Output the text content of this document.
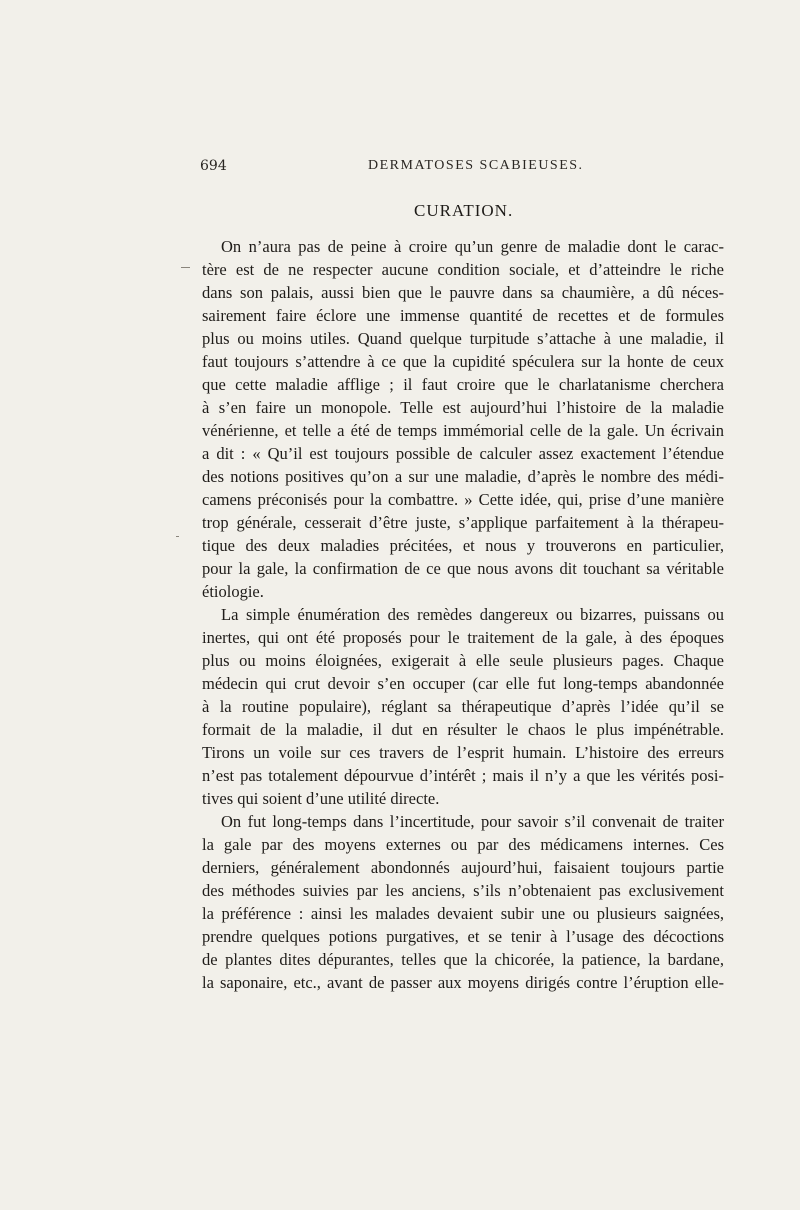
694	DERMATOSES SCABIEUSES.
CURATION.
On n’aura pas de peine à croire qu’un genre de maladie dont le carac-
tère est de ne respecter aucune condition sociale, et d’atteindre le riche
dans son palais, aussi bien que le pauvre dans sa chaumière, a dû néces-
sairement faire éclore une immense quantité de recettes et de formules
plus ou moins utiles. Quand quelque turpitude s’attache à une maladie, il
faut toujours s’attendre à ce que la cupidité spéculera sur la honte de ceux
que cette maladie afflige ; il faut croire que le charlatanisme cherchera
à s’en faire un monopole. Telle est aujourd’hui l’histoire de la maladie
vénérienne, et telle a été de temps immémorial celle de la gale. Un écrivain
a dit : « Qu’il est toujours possible de calculer assez exactement l’étendue
des notions positives qu’on a sur une maladie, d’après le nombre des médi-
camens préconisés pour la combattre. » Cette idée, qui, prise d’une manière
trop générale, cesserait d’être juste, s’applique parfaitement à la thérapeu-
tique des deux maladies précitées, et nous y trouverons en particulier,
pour la gale, la confirmation de ce que nous avons dit touchant sa véritable
étiologie.
La simple énumération des remèdes dangereux ou bizarres, puissans ou
inertes, qui ont été proposés pour le traitement de la gale, à des époques
plus ou moins éloignées, exigerait à elle seule plusieurs pages. Chaque
médecin qui crut devoir s’en occuper (car elle fut long-temps abandonnée
à la routine populaire), réglant sa thérapeutique d’après l’idée qu’il se
formait de la maladie, il dut en résulter le chaos le plus impénétrable.
Tirons un voile sur ces travers de l’esprit humain. L’histoire des erreurs
n’est pas totalement dépourvue d’intérêt ; mais il n’y a que les vérités posi-
tives qui soient d’une utilité directe.
On fut long-temps dans l’incertitude, pour savoir s’il convenait de traiter
la gale par des moyens externes ou par des médicamens internes. Ces
derniers, généralement abondonnés aujourd’hui, faisaient toujours partie
des méthodes suivies par les anciens, s’ils n’obtenaient pas exclusivement
la préférence : ainsi les malades devaient subir une ou plusieurs saignées,
prendre quelques potions purgatives, et se tenir à l’usage des décoctions
de plantes dites dépurantes, telles que la chicorée, la patience, la bardane,
la saponaire, etc., avant de passer aux moyens dirigés contre l’éruption elle-
